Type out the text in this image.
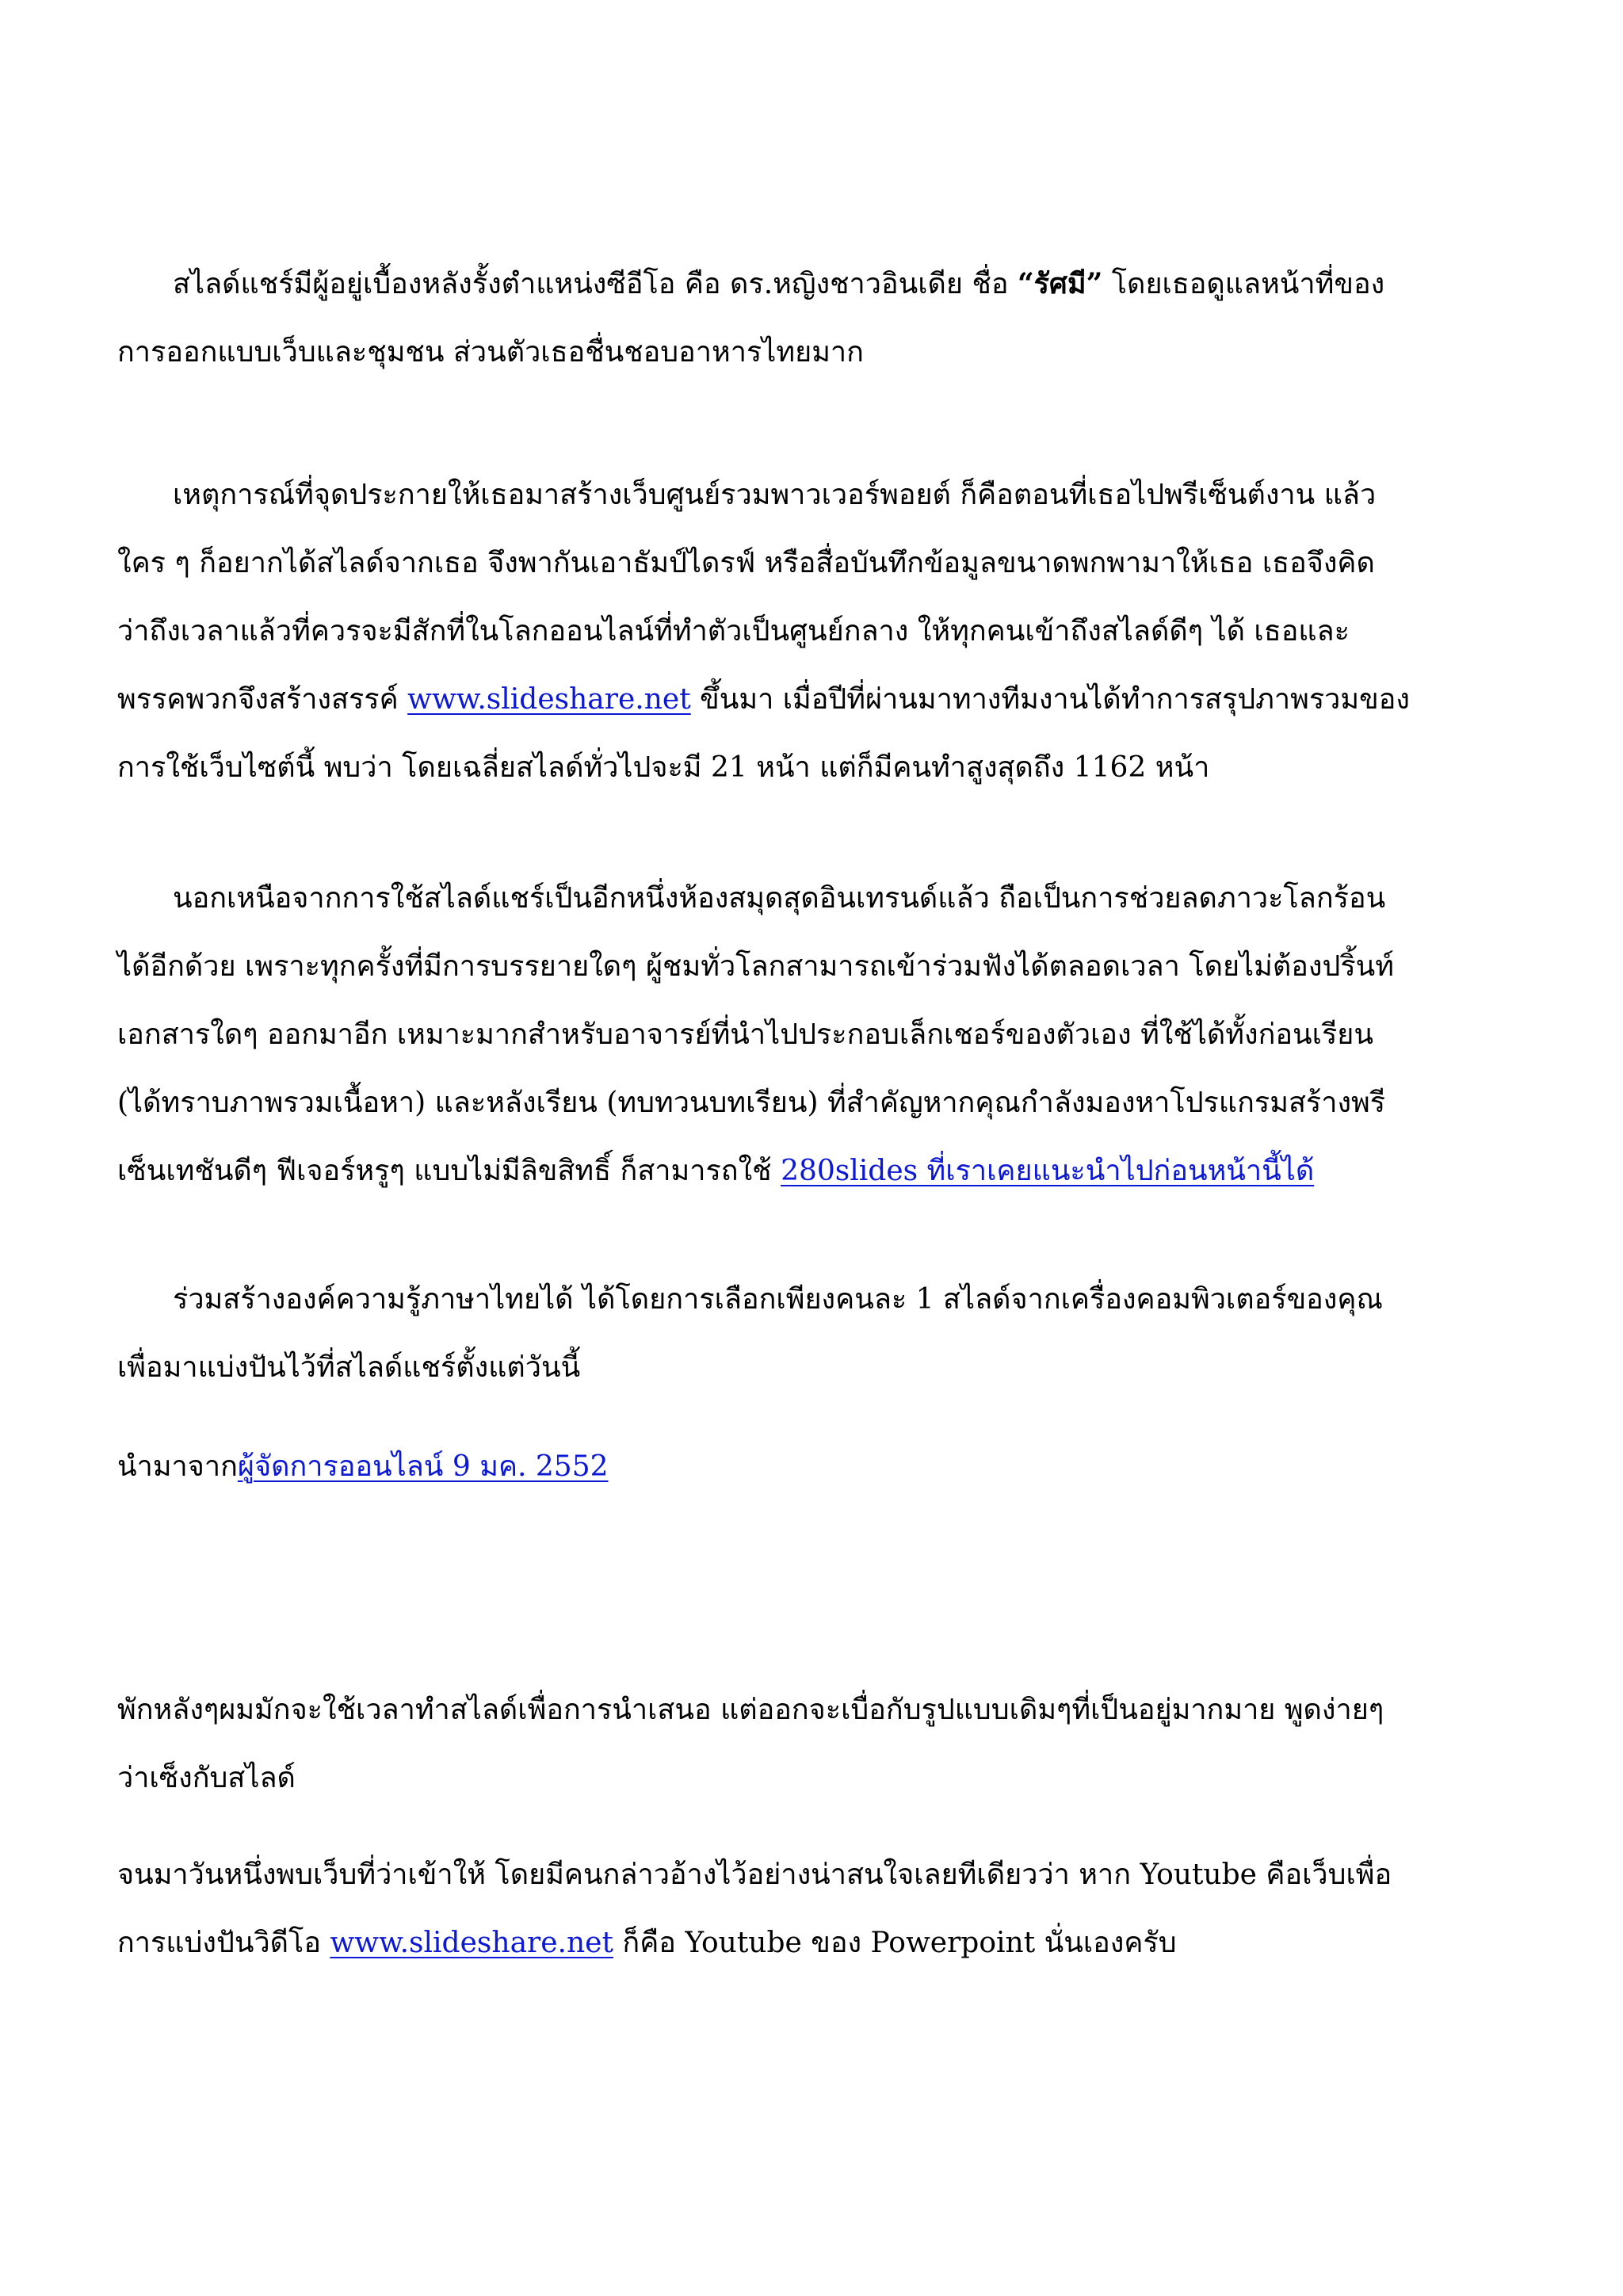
สไลด์แชร์มีผู้อยู่เบื้องหลังรั้งตำแหน่งซีอีโอ คือ ดร.หญิงชาวอินเดีย ชื่อ “รัศมี” โดยเธอดูแลหน้าที่ของ
การออกแบบเว็บและชุมชน ส่วนตัวเธอชื่นชอบอาหารไทยมาก

เหตุการณ์ที่จุดประกายให้เธอมาสร้างเว็บศูนย์รวมพาวเวอร์พอยต์ ก็คือตอนที่เธอไปพรีเซ็นต์งาน แล้ว
ใคร ๆ ก็อยากได้สไลด์จากเธอ จึงพากันเอาธัมป์ไดรฟ์ หรือสื่อบันทึกข้อมูลขนาดพกพามาให้เธอ เธอจึงคิด
ว่าถึงเวลาแล้วที่ควรจะมีสักที่ในโลกออนไลน์ที่ทำตัวเป็นศูนย์กลาง ให้ทุกคนเข้าถึงสไลด์ดีๆ ได้ เธอและ
พรรคพวกจึงสร้างสรรค์ www.slideshare.net ขึ้นมา เมื่อปีที่ผ่านมาทางทีมงานได้ทำการสรุปภาพรวมของ
การใช้เว็บไซต์นี้ พบว่า โดยเฉลี่ยสไลด์ทั่วไปจะมี 21 หน้า แต่ก็มีคนทำสูงสุดถึง 1162 หน้า

นอกเหนือจากการใช้สไลด์แชร์เป็นอีกหนึ่งห้องสมุดสุดอินเทรนด์แล้ว ถือเป็นการช่วยลดภาวะโลกร้อน
ได้อีกด้วย เพราะทุกครั้งที่มีการบรรยายใดๆ ผู้ชมทั่วโลกสามารถเข้าร่วมฟังได้ตลอดเวลา โดยไม่ต้องปริ้นท์
เอกสารใดๆ ออกมาอีก เหมาะมากสำหรับอาจารย์ที่นำไปประกอบเล็กเชอร์ของตัวเอง ที่ใช้ได้ทั้งก่อนเรียน
(ได้ทราบภาพรวมเนื้อหา) และหลังเรียน (ทบทวนบทเรียน) ที่สำคัญหากคุณกำลังมองหาโปรแกรมสร้างพรี
เซ็นเทชันดีๆ ฟีเจอร์หรูๆ แบบไม่มีลิขสิทธิ์ ก็สามารถใช้ 280slides ที่เราเคยแนะนำไปก่อนหน้านี้ได้

ร่วมสร้างองค์ความรู้ภาษาไทยได้ ได้โดยการเลือกเพียงคนละ 1 สไลด์จากเครื่องคอมพิวเตอร์ของคุณ
เพื่อมาแบ่งปันไว้ที่สไลด์แชร์ตั้งแต่วันนี้

นำมาจากผู้จัดการออนไลน์ 9 มค. 2552

พักหลังๆผมมักจะใช้เวลาทำสไลด์เพื่อการนำเสนอ แต่ออกจะเบื่อกับรูปแบบเดิมๆที่เป็นอยู่มากมาย พูดง่ายๆ
ว่าเซ็งกับสไลด์

จนมาวันหนึ่งพบเว็บที่ว่าเข้าให้ โดยมีคนกล่าวอ้างไว้อย่างน่าสนใจเลยทีเดียวว่า หาก Youtube คือเว็บเพื่อ
การแบ่งปันวิดีโอ www.slideshare.net ก็คือ Youtube ของ Powerpoint นั่นเองครับ
